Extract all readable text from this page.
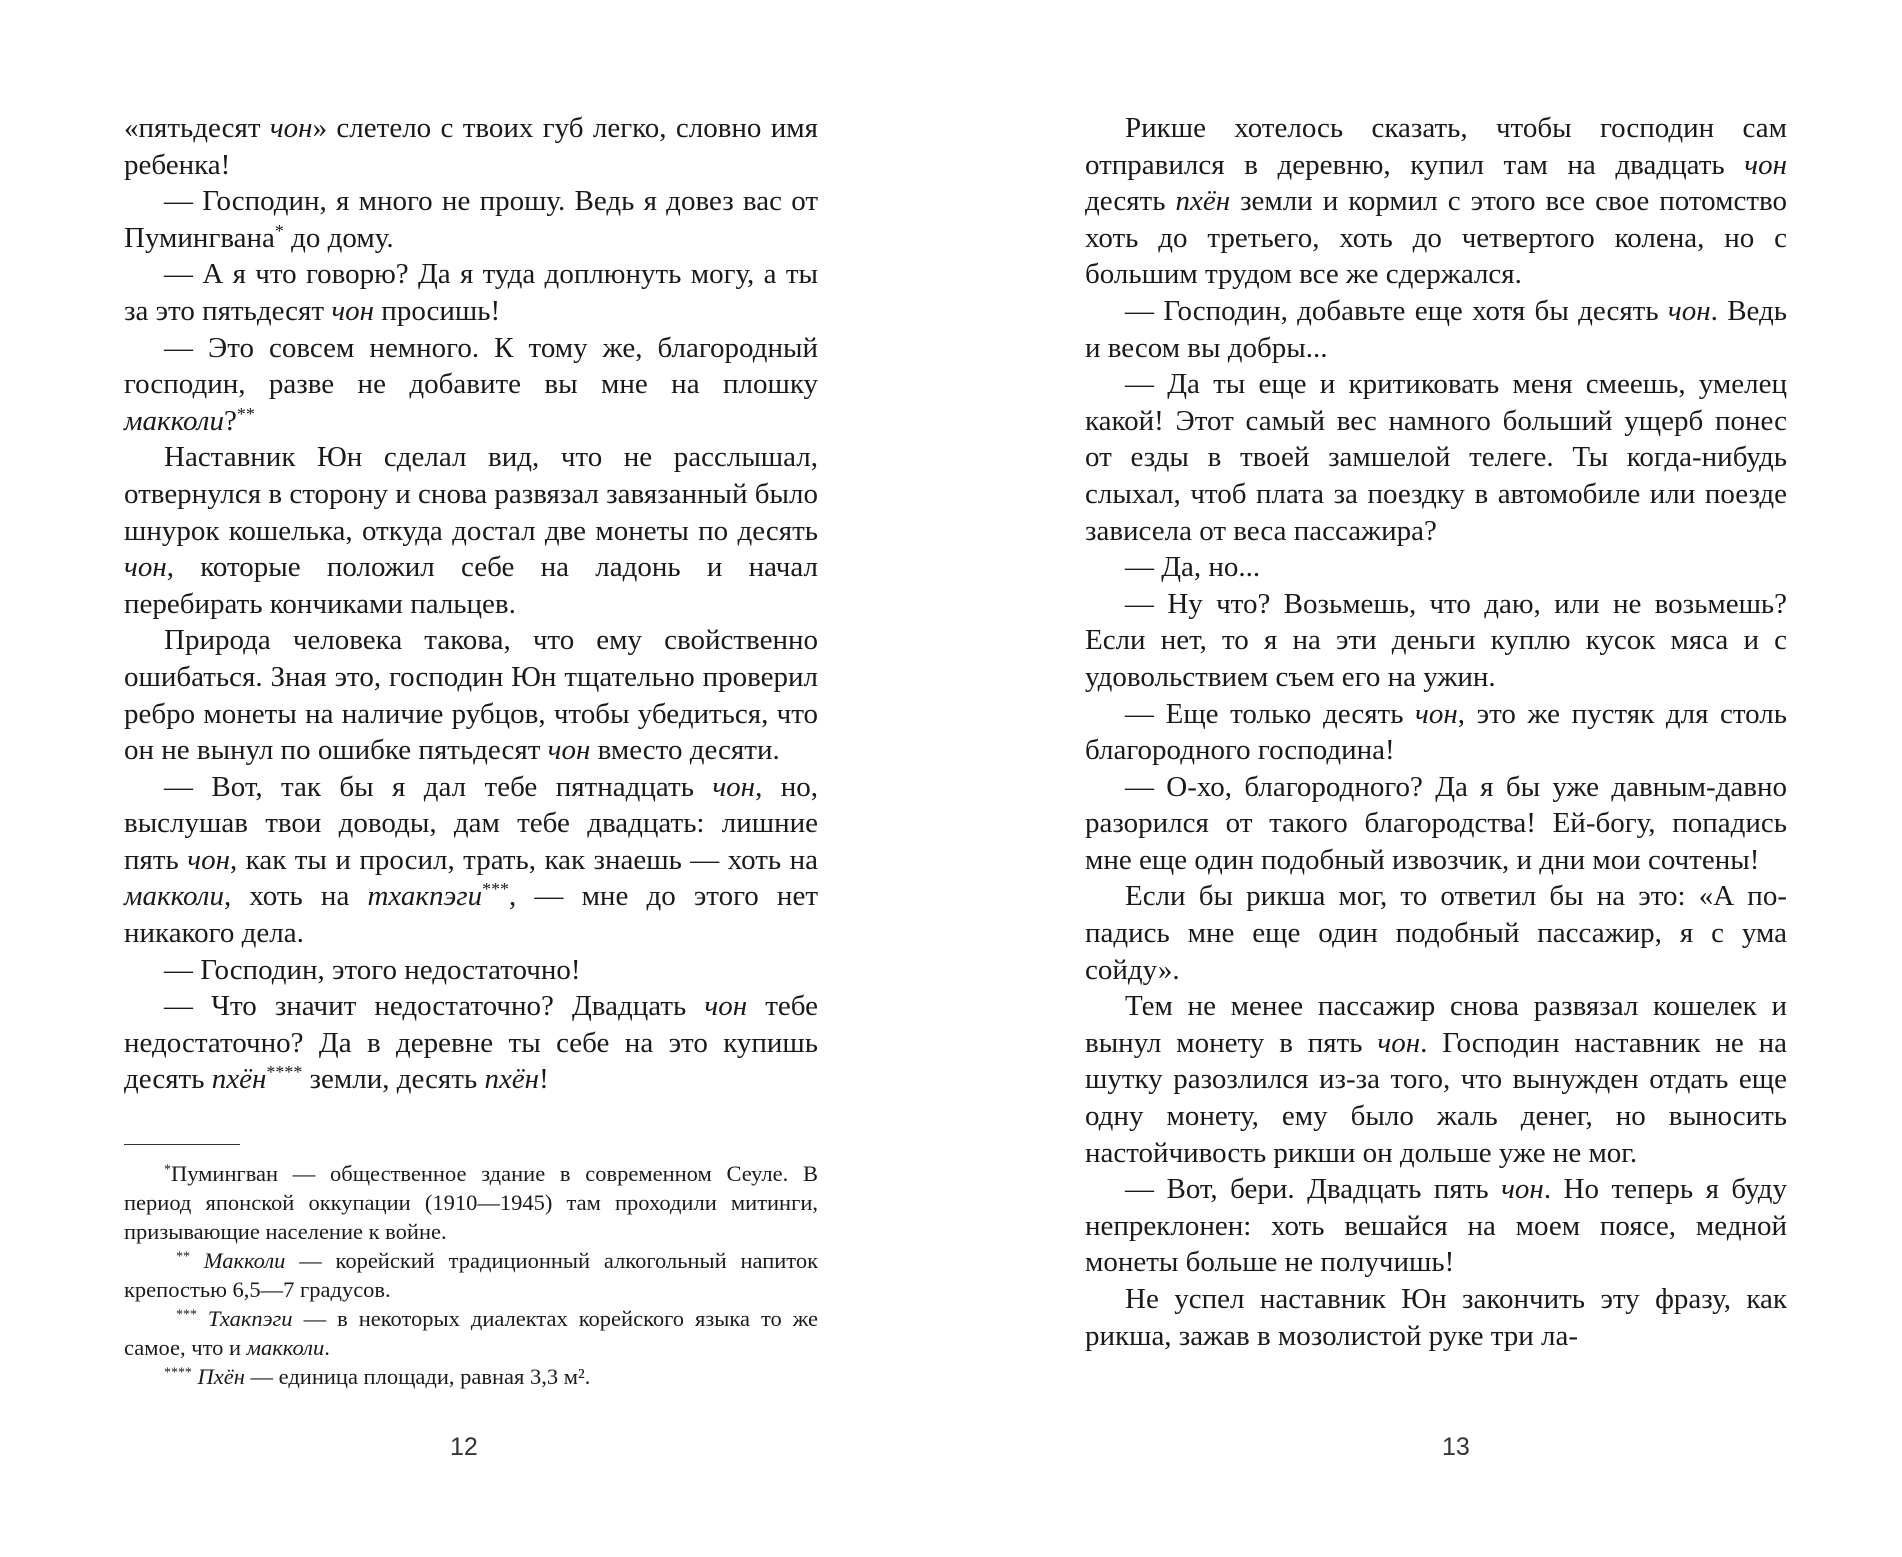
«пятьдесят чон» слетело с твоих губ легко, словно имя ребенка!

— Господин, я много не прошу. Ведь я довез вас от Пумингвана* до дому.

— А я что говорю? Да я туда доплюнуть могу, а ты за это пятьдесят чон просишь!

— Это совсем немного. К тому же, благородный господин, разве не добавите вы мне на плошку макколи?**

Наставник Юн сделал вид, что не расслышал, отвернулся в сторону и снова развязал завязанный было шнурок кошелька, откуда достал две монеты по десять чон, которые положил себе на ладонь и начал перебирать кончиками пальцев.

Природа человека такова, что ему свойственно ошибаться. Зная это, господин Юн тщательно проверил ребро монеты на наличие рубцов, чтобы убедиться, что он не вынул по ошибке пятьдесят чон вместо десяти.

— Вот, так бы я дал тебе пятнадцать чон, но, выслушав твои доводы, дам тебе двадцать: лишние пять чон, как ты и просил, трать, как знаешь — хоть на макколи, хоть на тхакпэги***, — мне до этого нет никакого дела.

— Господин, этого недостаточно!

— Что значит недостаточно? Двадцать чон тебе недостаточно? Да в деревне ты себе на это купишь десять пхён**** земли, десять пхён!

*Пумингван — общественное здание в современном Сеуле. В период японской оккупации (1910—1945) там проходили митинги, призывающие население к войне.

** Макколи — корейский традиционный алкогольный напиток крепостью 6,5—7 градусов.

*** Тхакпэги — в некоторых диалектах корейского языка то же самое, что и макколи.

**** Пхён — единица площади, равная 3,3 м².

12

Рикше хотелось сказать, чтобы господин сам отправился в деревню, купил там на двадцать чон десять пхён земли и кормил с этого все свое потомство хоть до третьего, хоть до четвертого колена, но с большим трудом все же сдержался.

— Господин, добавьте еще хотя бы десять чон. Ведь и весом вы добры...

— Да ты еще и критиковать меня смеешь, умелец какой! Этот самый вес намного больший ущерб понес от езды в твоей замшелой телеге. Ты когда-нибудь слыхал, чтоб плата за поездку в автомобиле или поезде зависела от веса пассажира?

— Да, но...

— Ну что? Возьмешь, что даю, или не возьмешь? Если нет, то я на эти деньги куплю кусок мяса и с удовольствием съем его на ужин.

— Еще только десять чон, это же пустяк для столь благородного господина!

— О-хо, благородного? Да я бы уже давным-давно разорился от такого благородства! Ей-богу, попадись мне еще один подобный извозчик, и дни мои сочтены!

Если бы рикша мог, то ответил бы на это: «А попадись мне еще один подобный пассажир, я с ума сойду».

Тем не менее пассажир снова развязал кошелек и вынул монету в пять чон. Господин наставник не на шутку разозлился из-за того, что вынужден отдать еще одну монету, ему было жаль денег, но выносить настойчивость рикши он дольше уже не мог.

— Вот, бери. Двадцать пять чон. Но теперь я буду непреклонен: хоть вешайся на моем поясе, медной монеты больше не получишь!

Не успел наставник Юн закончить эту фразу, как рикша, зажав в мозолистой руке три ла-

13
